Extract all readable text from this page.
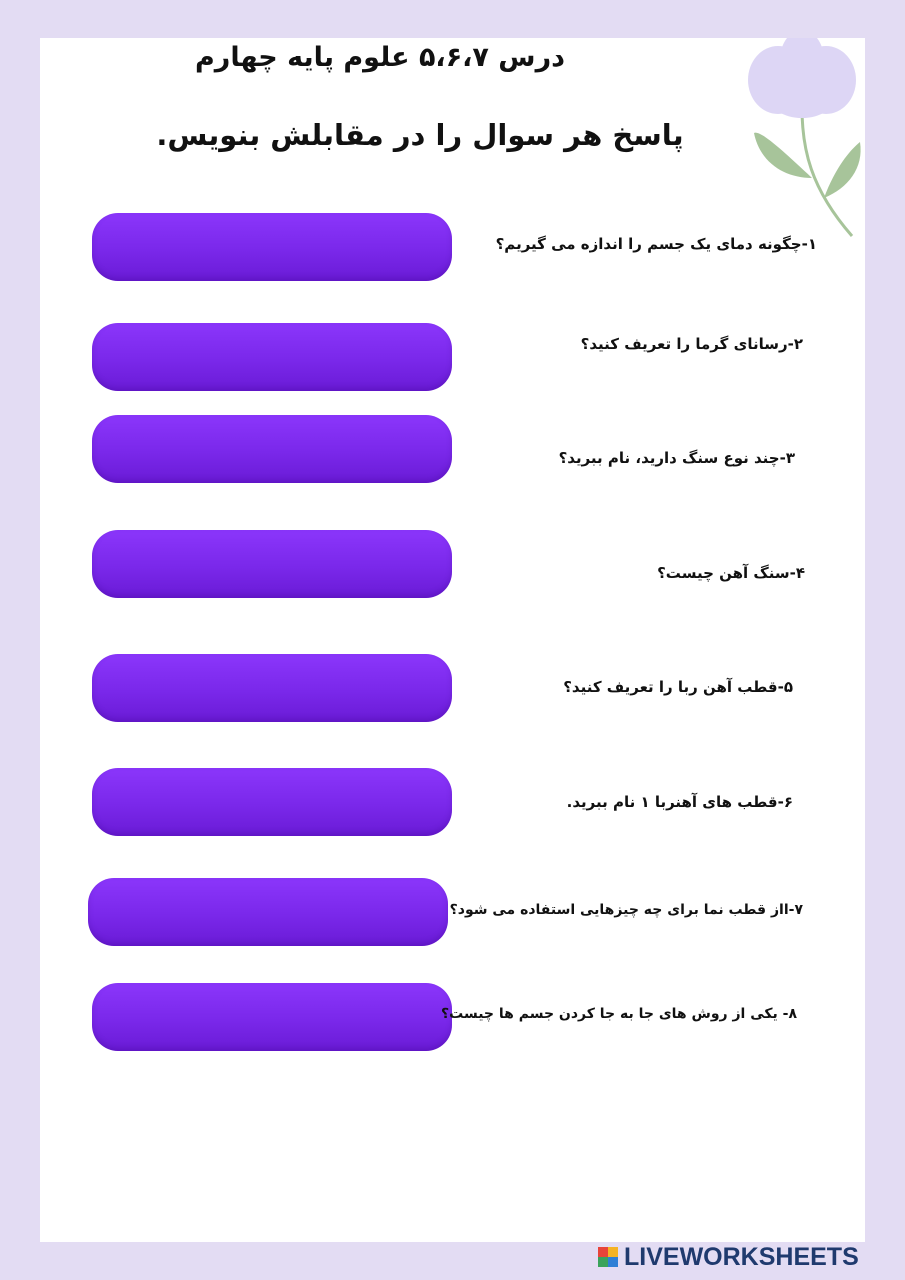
درس ۵،۶،۷ علوم پایه چهارم
پاسخ هر سوال را در مقابلش بنویس.
۱-چگونه دمای یک جسم را اندازه می گیریم؟
۲-رسانای گرما را تعریف کنید؟
۳-چند نوع سنگ دارید، نام ببرید؟
۴-سنگ آهن چیست؟
۵-قطب آهن ربا را تعریف کنید؟
۶-قطب های آهنربا ۱ نام ببرید.
۷-ااز قطب نما برای چه چیزهایی استفاده می شود؟
۸- یکی از روش های جا به جا کردن جسم ها چیست؟
LIVEWORKSHEETS
